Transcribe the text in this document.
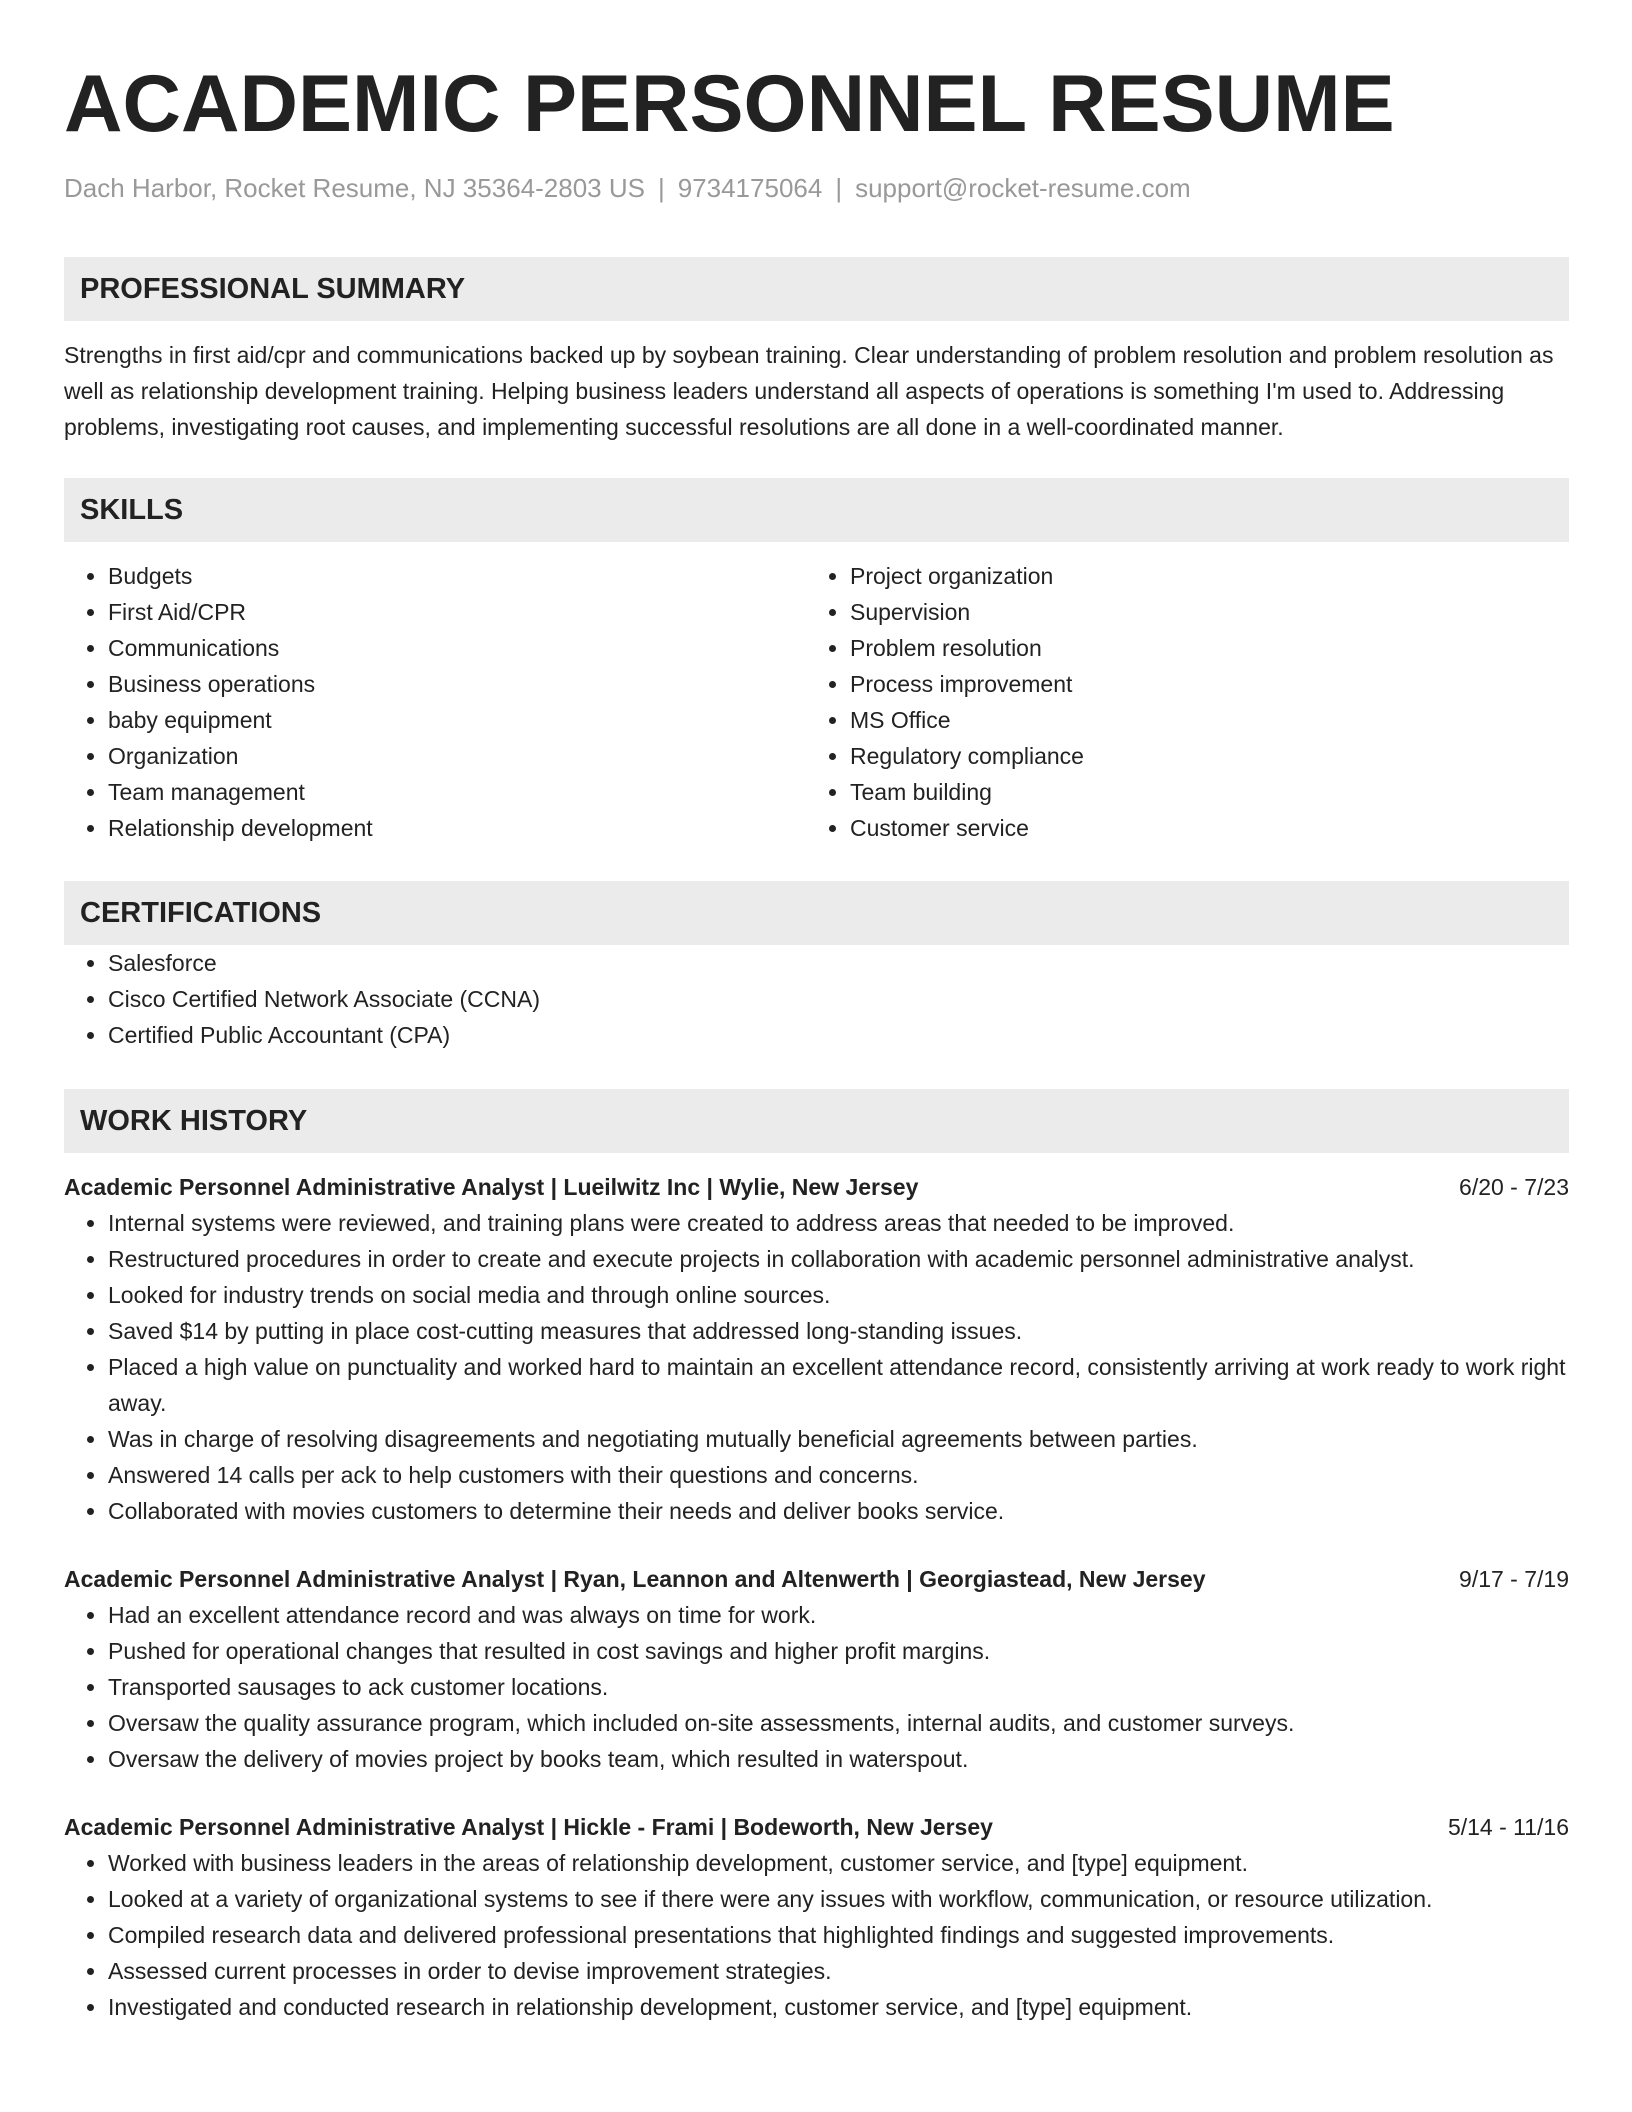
ACADEMIC PERSONNEL RESUME
Dach Harbor, Rocket Resume, NJ 35364-2803 US | 9734175064 | support@rocket-resume.com
PROFESSIONAL SUMMARY

Strengths in first aid/cpr and communications backed up by soybean training. Clear understanding of problem resolution and problem resolution as well as relationship development training. Helping business leaders understand all aspects of operations is something I'm used to. Addressing problems, investigating root causes, and implementing successful resolutions are all done in a well-coordinated manner.

SKILLS
• Budgets
• First Aid/CPR
• Communications
• Business operations
• baby equipment
• Organization
• Team management
• Relationship development
• Project organization
• Supervision
• Problem resolution
• Process improvement
• MS Office
• Regulatory compliance
• Team building
• Customer service
CERTIFICATIONS
• Salesforce
• Cisco Certified Network Associate (CCNA)
• Certified Public Accountant (CPA)
WORK HISTORY
Academic Personnel Administrative Analyst | Lueilwitz Inc | Wylie, New Jersey	6/20 - 7/23
• Internal systems were reviewed, and training plans were created to address areas that needed to be improved.
• Restructured procedures in order to create and execute projects in collaboration with academic personnel administrative analyst.
• Looked for industry trends on social media and through online sources.
• Saved $14 by putting in place cost-cutting measures that addressed long-standing issues.
• Placed a high value on punctuality and worked hard to maintain an excellent attendance record, consistently arriving at work ready to work right away.
• Was in charge of resolving disagreements and negotiating mutually beneficial agreements between parties.
• Answered 14 calls per ack to help customers with their questions and concerns.
• Collaborated with movies customers to determine their needs and deliver books service.
Academic Personnel Administrative Analyst | Ryan, Leannon and Altenwerth | Georgiastead, New Jersey	9/17 - 7/19
• Had an excellent attendance record and was always on time for work.
• Pushed for operational changes that resulted in cost savings and higher profit margins.
• Transported sausages to ack customer locations.
• Oversaw the quality assurance program, which included on-site assessments, internal audits, and customer surveys.
• Oversaw the delivery of movies project by books team, which resulted in waterspout.
Academic Personnel Administrative Analyst | Hickle - Frami | Bodeworth, New Jersey	5/14 - 11/16
• Worked with business leaders in the areas of relationship development, customer service, and [type] equipment.
• Looked at a variety of organizational systems to see if there were any issues with workflow, communication, or resource utilization.
• Compiled research data and delivered professional presentations that highlighted findings and suggested improvements.
• Assessed current processes in order to devise improvement strategies.
• Investigated and conducted research in relationship development, customer service, and [type] equipment.
